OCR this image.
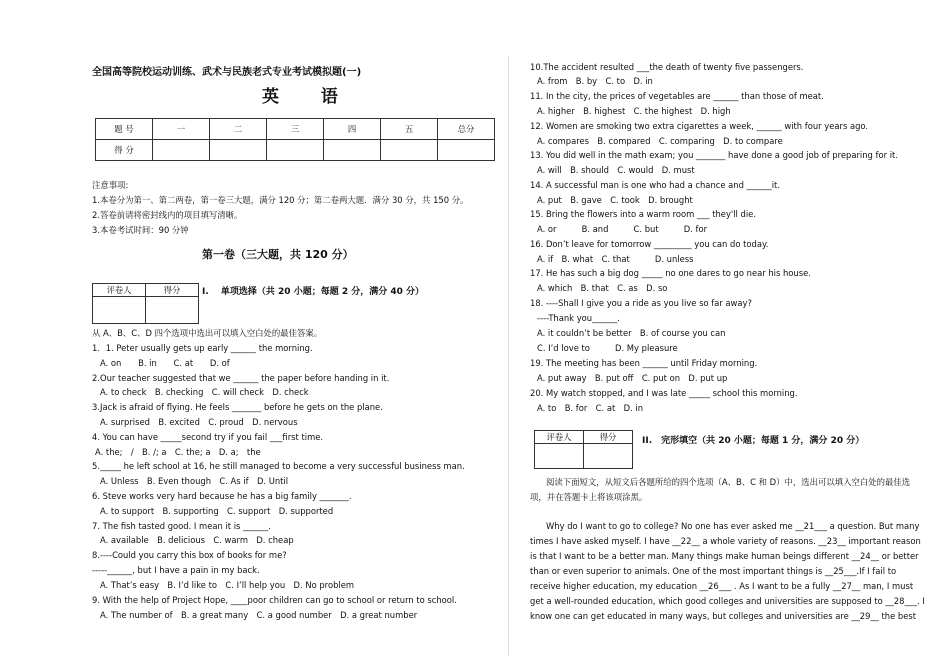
全国高等院校运动训练、武术与民族老式专业考试模拟题(一)
英 语
题 号	一	二	三	四	五	总分
得 分						
注意事项:
1.本卷分为第一、第二两卷，第一卷三大题，满分 120 分；第二卷两大题．满分 30 分，共 150 分。
2.答卷前请将密封线内的项目填写清晰。
3.本卷考试时间：90 分钟
第一卷（三大题，共 120 分）
评卷人	得分
	I.　 单项选择（共 20 小题；每题 2 分，满分 40 分）
从 A、B、C、D 四个选项中选出可以填入空白处的最佳答案。
1．1. Peter usually gets up early ______ the morning.
A. on　　B. in　　C. at　　D. of
2.Our teacher suggested that we ______ the paper before handing in it.
A. to check　B. checking　C. will check　D. check
3.Jack is afraid of flying. He feels _______ before he gets on the plane.
A. surprised　B. excited　C. proud　D. nervous
4. You can have _____second try if you fail ___first time.
A. the;　/　B. /; a　C. the; a　D. a;　the
5._____ he left school at 16, he still managed to become a very successful business man.
A. Unless　B. Even though　C. As if　D. Until
6. Steve works very hard because he has a big family _______.
A. to support　B. supporting　C. support　D. supported
7. The fish tasted good. I mean it is ______.
A. available　B. delicious　C. warm　D. cheap
8.----Could you carry this box of books for me?
-----______, but I have a pain in my back.
A. That’s easy　B. I’d like to　C. I’ll help you　D. No problem
9. With the help of Project Hope, ____poor children can go to school or return to school.
A. The number of　B. a great many　C. a good number　D. a great number
10.The accident resulted ___the death of twenty five passengers.
A. from　B. by　C. to　D. in
11. In the city, the prices of vegetables are ______ than those of meat.
A. higher　B. highest　C. the highest　D. high
12. Women are smoking two extra cigarettes a week, ______ with four years ago.
A. compares　B. compared　C. comparing　D. to compare
13. You did well in the math exam; you _______ have done a good job of preparing for it.
A. will　B. should　C. would　D. must
14. A successful man is one who had a chance and ______it.
A. put　B. gave　C. took　D. brought
15. Bring the flowers into a warm room ___ they'll die.
A. or　　　B. and　　　C. but　　　D. for
16. Don’t leave for tomorrow _________ you can do today.
A. if　B. what　C. that　　　D. unless
17. He has such a big dog _____ no one dares to go near his house.
A. which　B. that　C. as　D. so
18. ----Shall I give you a ride as you live so far away?
----Thank you______.
A. it couldn’t be better　B. of course you can
C. I’d love to　　　D. My pleasure
19. The meeting has been ______ until Friday morning.
A. put away　B. put off　C. put on　D. put up
20. My watch stopped, and I was late _____ school this morning.
A. to　B. for　C. at　D. in
评卷人	得分
		II.　完形填空（共 20 小题；每题 1 分，满分 20 分）
阅读下面短文，从短文后各题所给的四个选项（A、B、C 和 D）中，选出可以填入空白处的最佳选项，并在答题卡上将该项涂黑。
Why do I want to go to college? No one has ever asked me __21___ a question. But many times I have asked myself. I have __22__ a whole variety of reasons. __23__ important reason is that I want to be a better man. Many things make human beings different __24__ or better than or even superior to animals. One of the most important things is __25___.If I fail to receive higher education, my education __26___ . As I want to be a fully __27__ man, I must get a well-rounded education, which good colleges and universities are supposed to __28___. I know one can get educated in many ways, but colleges and universities are __29__ the best
